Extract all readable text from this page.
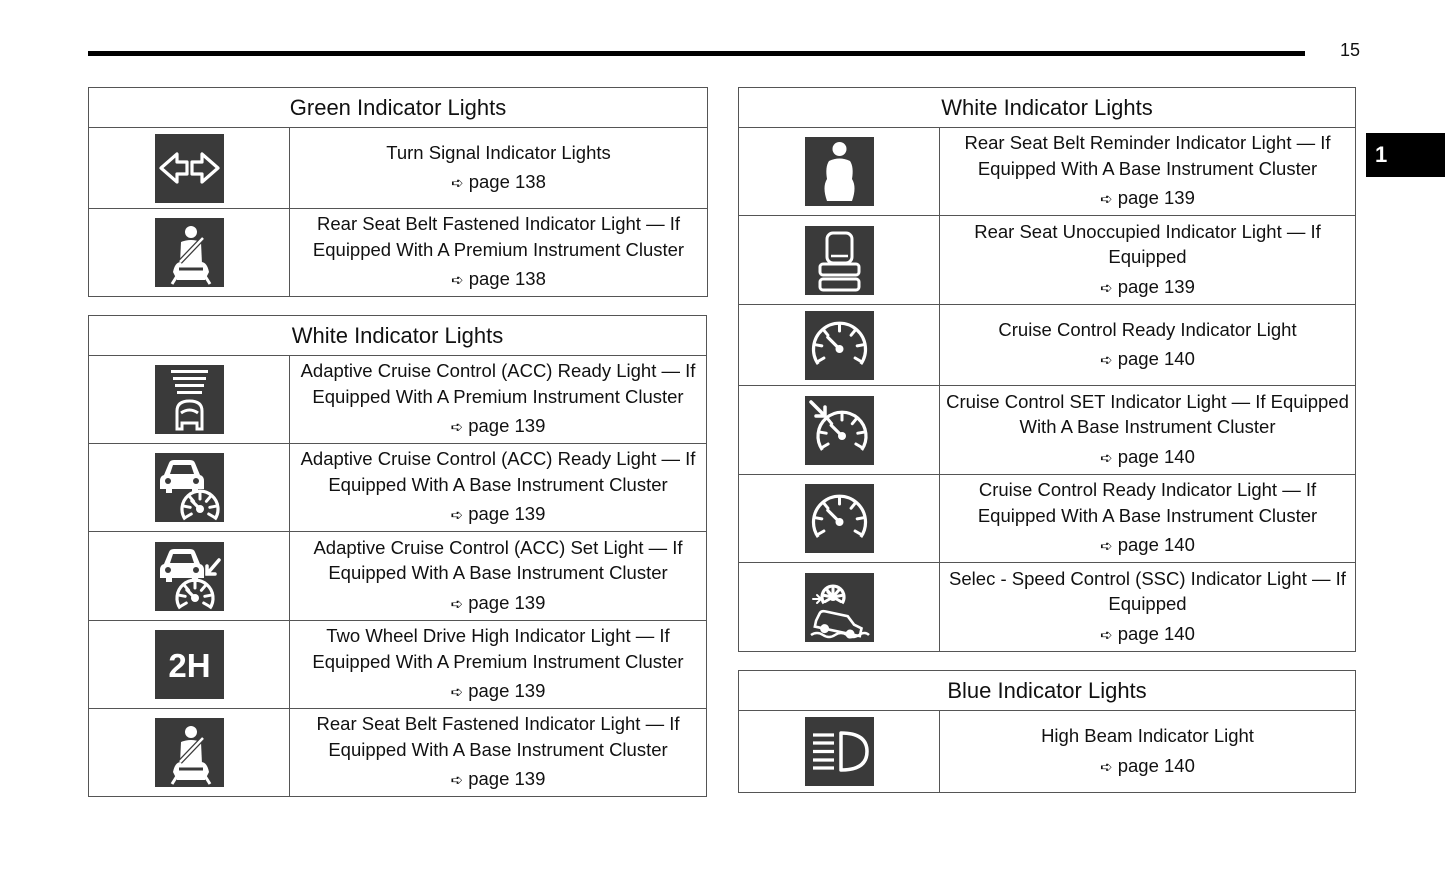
15
1
Green Indicator Lights	

Turn Signal Indicator Lights
➪ page 138

Rear Seat Belt Fastened Indicator Light — If
Equipped With A Premium Instrument Cluster
➪ page 138
White Indicator Lights	

Adaptive Cruise Control (ACC) Ready Light — If
Equipped With A Premium Instrument Cluster
➪ page 139

Adaptive Cruise Control (ACC) Ready Light — If
Equipped With A Base Instrument Cluster
➪ page 139

Adaptive Cruise Control (ACC) Set Light — If
Equipped With A Base Instrument Cluster
➪ page 139

2H	Two Wheel Drive High Indicator Light — If
Equipped With A Premium Instrument Cluster
➪ page 139

Rear Seat Belt Fastened Indicator Light — If
Equipped With A Base Instrument Cluster
➪ page 139
White Indicator Lights	

Rear Seat Belt Reminder Indicator Light — If
Equipped With A Base Instrument Cluster
➪ page 139

Rear Seat Unoccupied Indicator Light — If
Equipped
➪ page 139

Cruise Control Ready Indicator Light
➪ page 140

Cruise Control SET Indicator Light — If Equipped
With A Base Instrument Cluster
➪ page 140

Cruise Control Ready Indicator Light — If
Equipped With A Base Instrument Cluster
➪ page 140

Selec - Speed Control (SSC) Indicator Light — If
Equipped
➪ page 140
Blue Indicator Lights

High Beam Indicator Light
➪ page 140
